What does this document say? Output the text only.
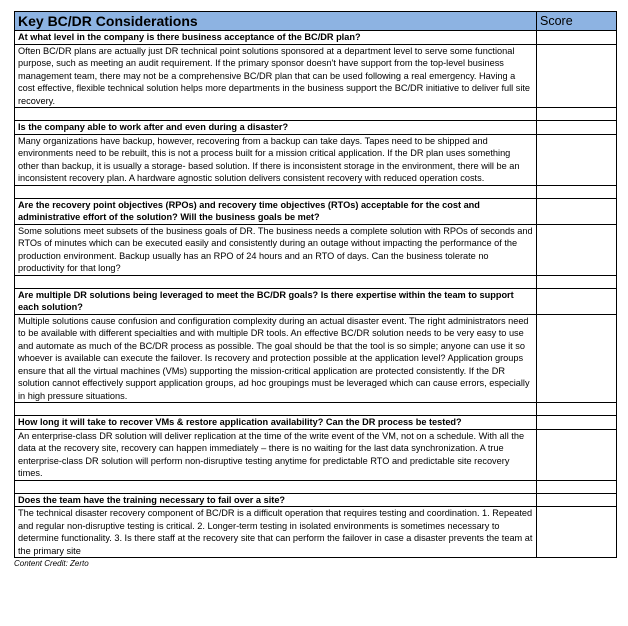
Key BC/DR Considerations	Score
At what level in the company is there business acceptance of the BC/DR plan?	
Often BC/DR plans are actually just DR technical point solutions sponsored at a department level to serve some functional purpose, such as meeting an audit requirement. If the primary sponsor doesn't have support from the top-level business management team, there may not be a comprehensive BC/DR plan that can be used following a real emergency. Having a cost effective, flexible technical solution helps more departments in the business support the BC/DR initiative to deliver full site recovery.	

Is the company able to work after and even during a disaster?	
Many organizations have backup, however, recovering from a backup can take days. Tapes need to be shipped and environments need to be rebuilt, this is not a process built for a mission critical application. If the DR plan uses something other than backup, it is usually a storage- based solution. If there is inconsistent storage in the environment, there will be an inconsistent recovery plan. A hardware agnostic solution delivers consistent recovery with reduced operation costs.	

Are the recovery point objectives (RPOs) and recovery time objectives (RTOs) acceptable for the cost and administrative effort of the solution? Will the business goals be met?	
Some solutions meet subsets of the business goals of DR. The business needs a complete solution with RPOs of seconds and RTOs of minutes which can be executed easily and consistently during an outage without impacting the performance of the production environment. Backup usually has an RPO of 24 hours and an RTO of days. Can the business tolerate no productivity for that long?	

Are multiple DR solutions being leveraged to meet the BC/DR goals? Is there expertise within the team to support each solution?	
Multiple solutions cause confusion and configuration complexity during an actual disaster event. The right administrators need to be available with different specialties and with multiple DR tools. An effective BC/DR solution needs to be very easy to use and automate as much of the BC/DR process as possible. The goal should be that the tool is so simple; anyone can use it so whoever is available can execute the failover. Is recovery and protection possible at the application level? Application groups ensure that all the virtual machines (VMs) supporting the mission-critical application are protected consistently. If the DR solution cannot effectively support application groups, ad hoc groupings must be leveraged which can cause errors, especially in high pressure situations.	

How long it will take to recover VMs & restore application availability? Can the DR process be tested?	
An enterprise-class DR solution will deliver replication at the time of the write event of the VM, not on a schedule. With all the data at the recovery site, recovery can happen immediately – there is no waiting for the last data synchronization. A true enterprise-class DR solution will perform non-disruptive testing anytime for predictable RTO and predictable site recovery times.	

Does the team have the training necessary to fail over a site?	
The technical disaster recovery component of BC/DR is a difficult operation that requires testing and coordination. 1. Repeated and regular non-disruptive testing is critical. 2. Longer-term testing in isolated environments is sometimes necessary to determine functionality. 3. Is there staff at the recovery site that can perform the failover in case a disaster prevents the team at the primary site	
Content Credit: Zerto
